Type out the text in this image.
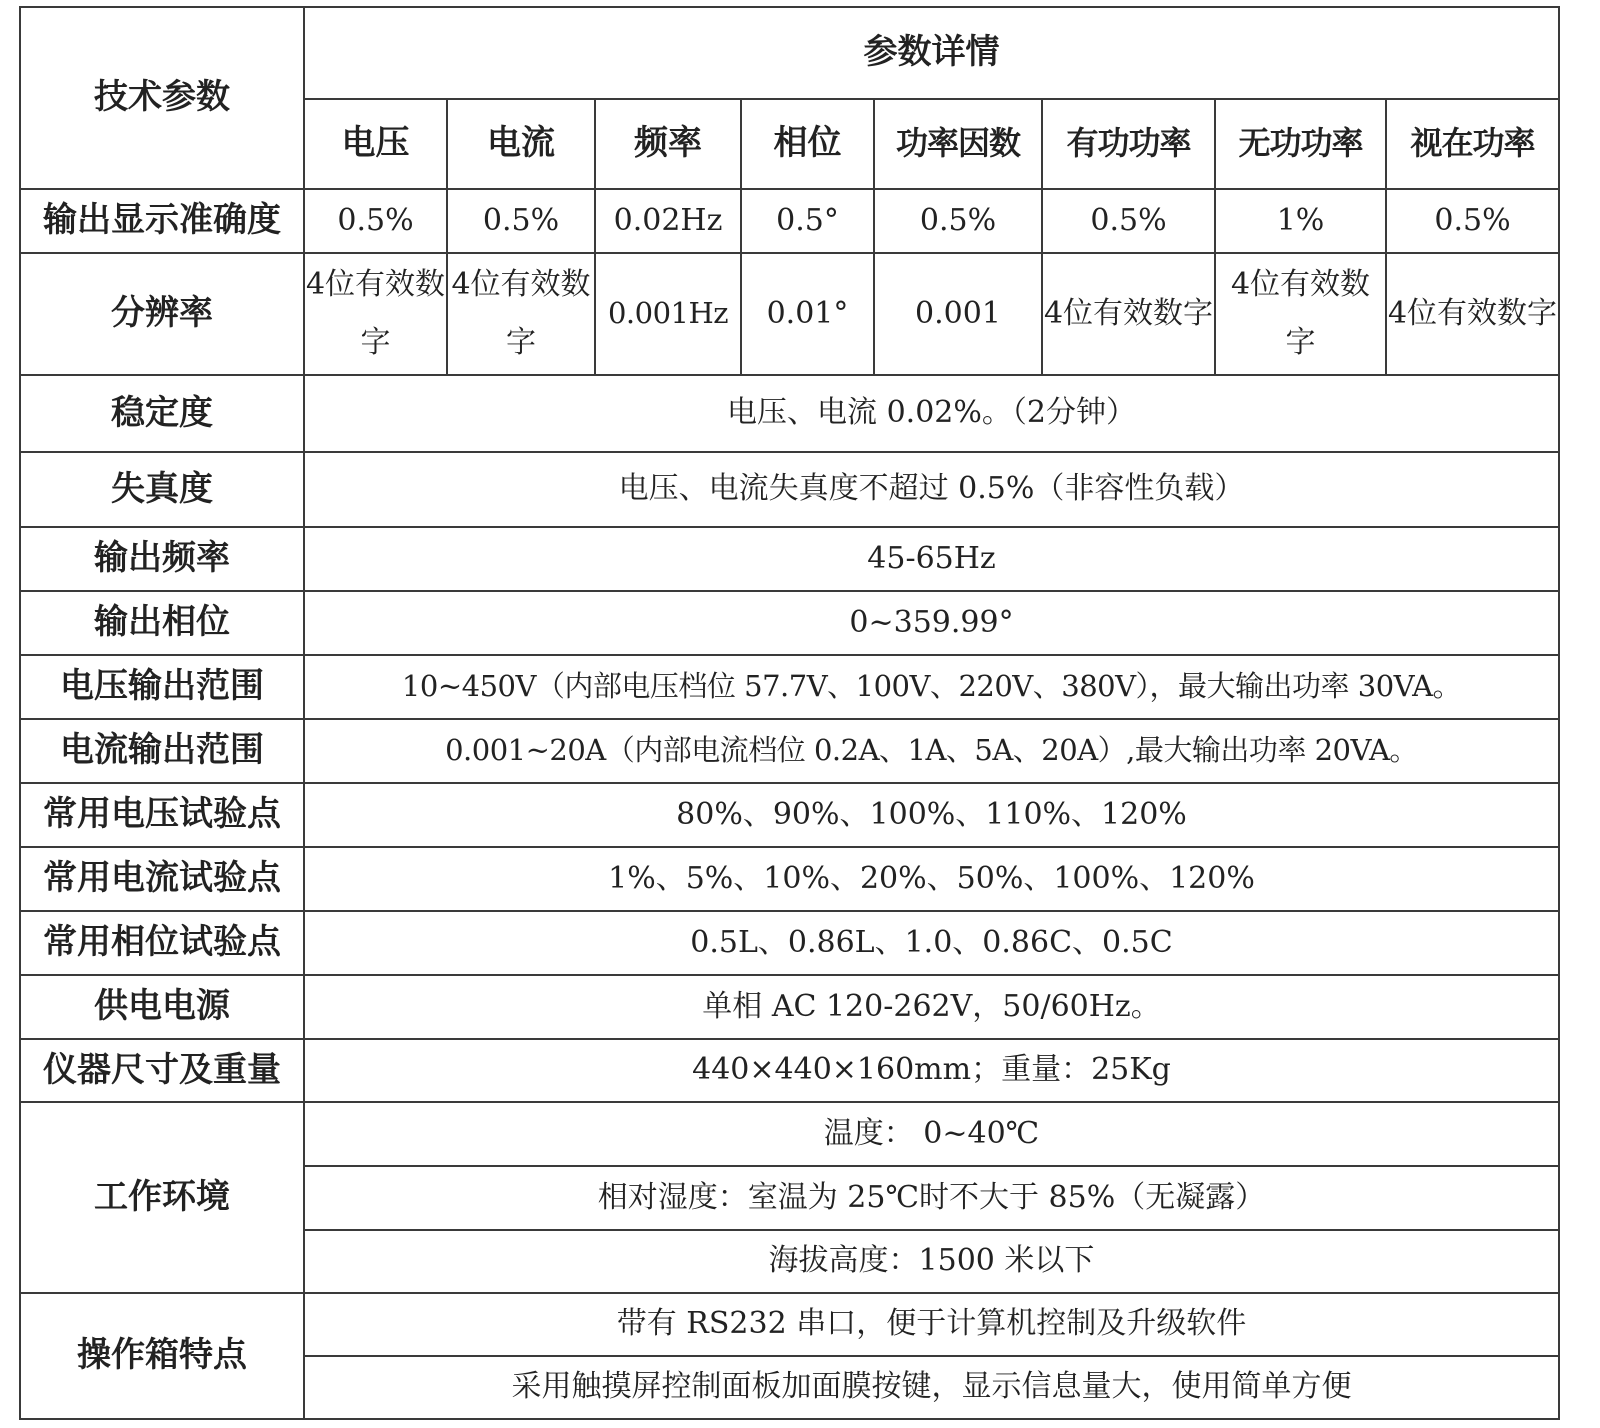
技术参数	参数详情							
	电压	电流	频率	相位	功率因数	有功功率	无功功率	视在功率
输出显示准确度	0.5%	0.5%	0.02Hz	0.5°	0.5%	0.5%	1%	0.5%
分辨率	4位有效数字	4位有效数字	0.001Hz	0.01°	0.001	4位有效数字	4位有效数字	4位有效数字
稳定度	电压、电流 0.02%。（2分钟）							
失真度	电压、电流失真度不超过 0.5%（非容性负载）							
输出频率	45-65Hz							
输出相位	0~359.99°							
电压输出范围	10~450V（内部电压档位 57.7V、100V、220V、380V），最大输出功率 30VA。							
电流输出范围	0.001~20A（内部电流档位 0.2A、1A、5A、20A）,最大输出功率 20VA。							
常用电压试验点	80%、90%、100%、110%、120%							
常用电流试验点	1%、5%、10%、20%、50%、100%、120%							
常用相位试验点	0.5L、0.86L、1.0、0.86C、0.5C							
供电电源	单相 AC 120-262V，50/60Hz。							
仪器尺寸及重量	440×440×160mm；重量：25Kg							
工作环境	温度： 0~40℃							
	相对湿度：室温为 25℃时不大于 85%（无凝露）							
	海拔高度：1500 米以下							
操作箱特点	带有 RS232 串口，便于计算机控制及升级软件							
	采用触摸屏控制面板加面膜按键，显示信息量大，使用简单方便							
